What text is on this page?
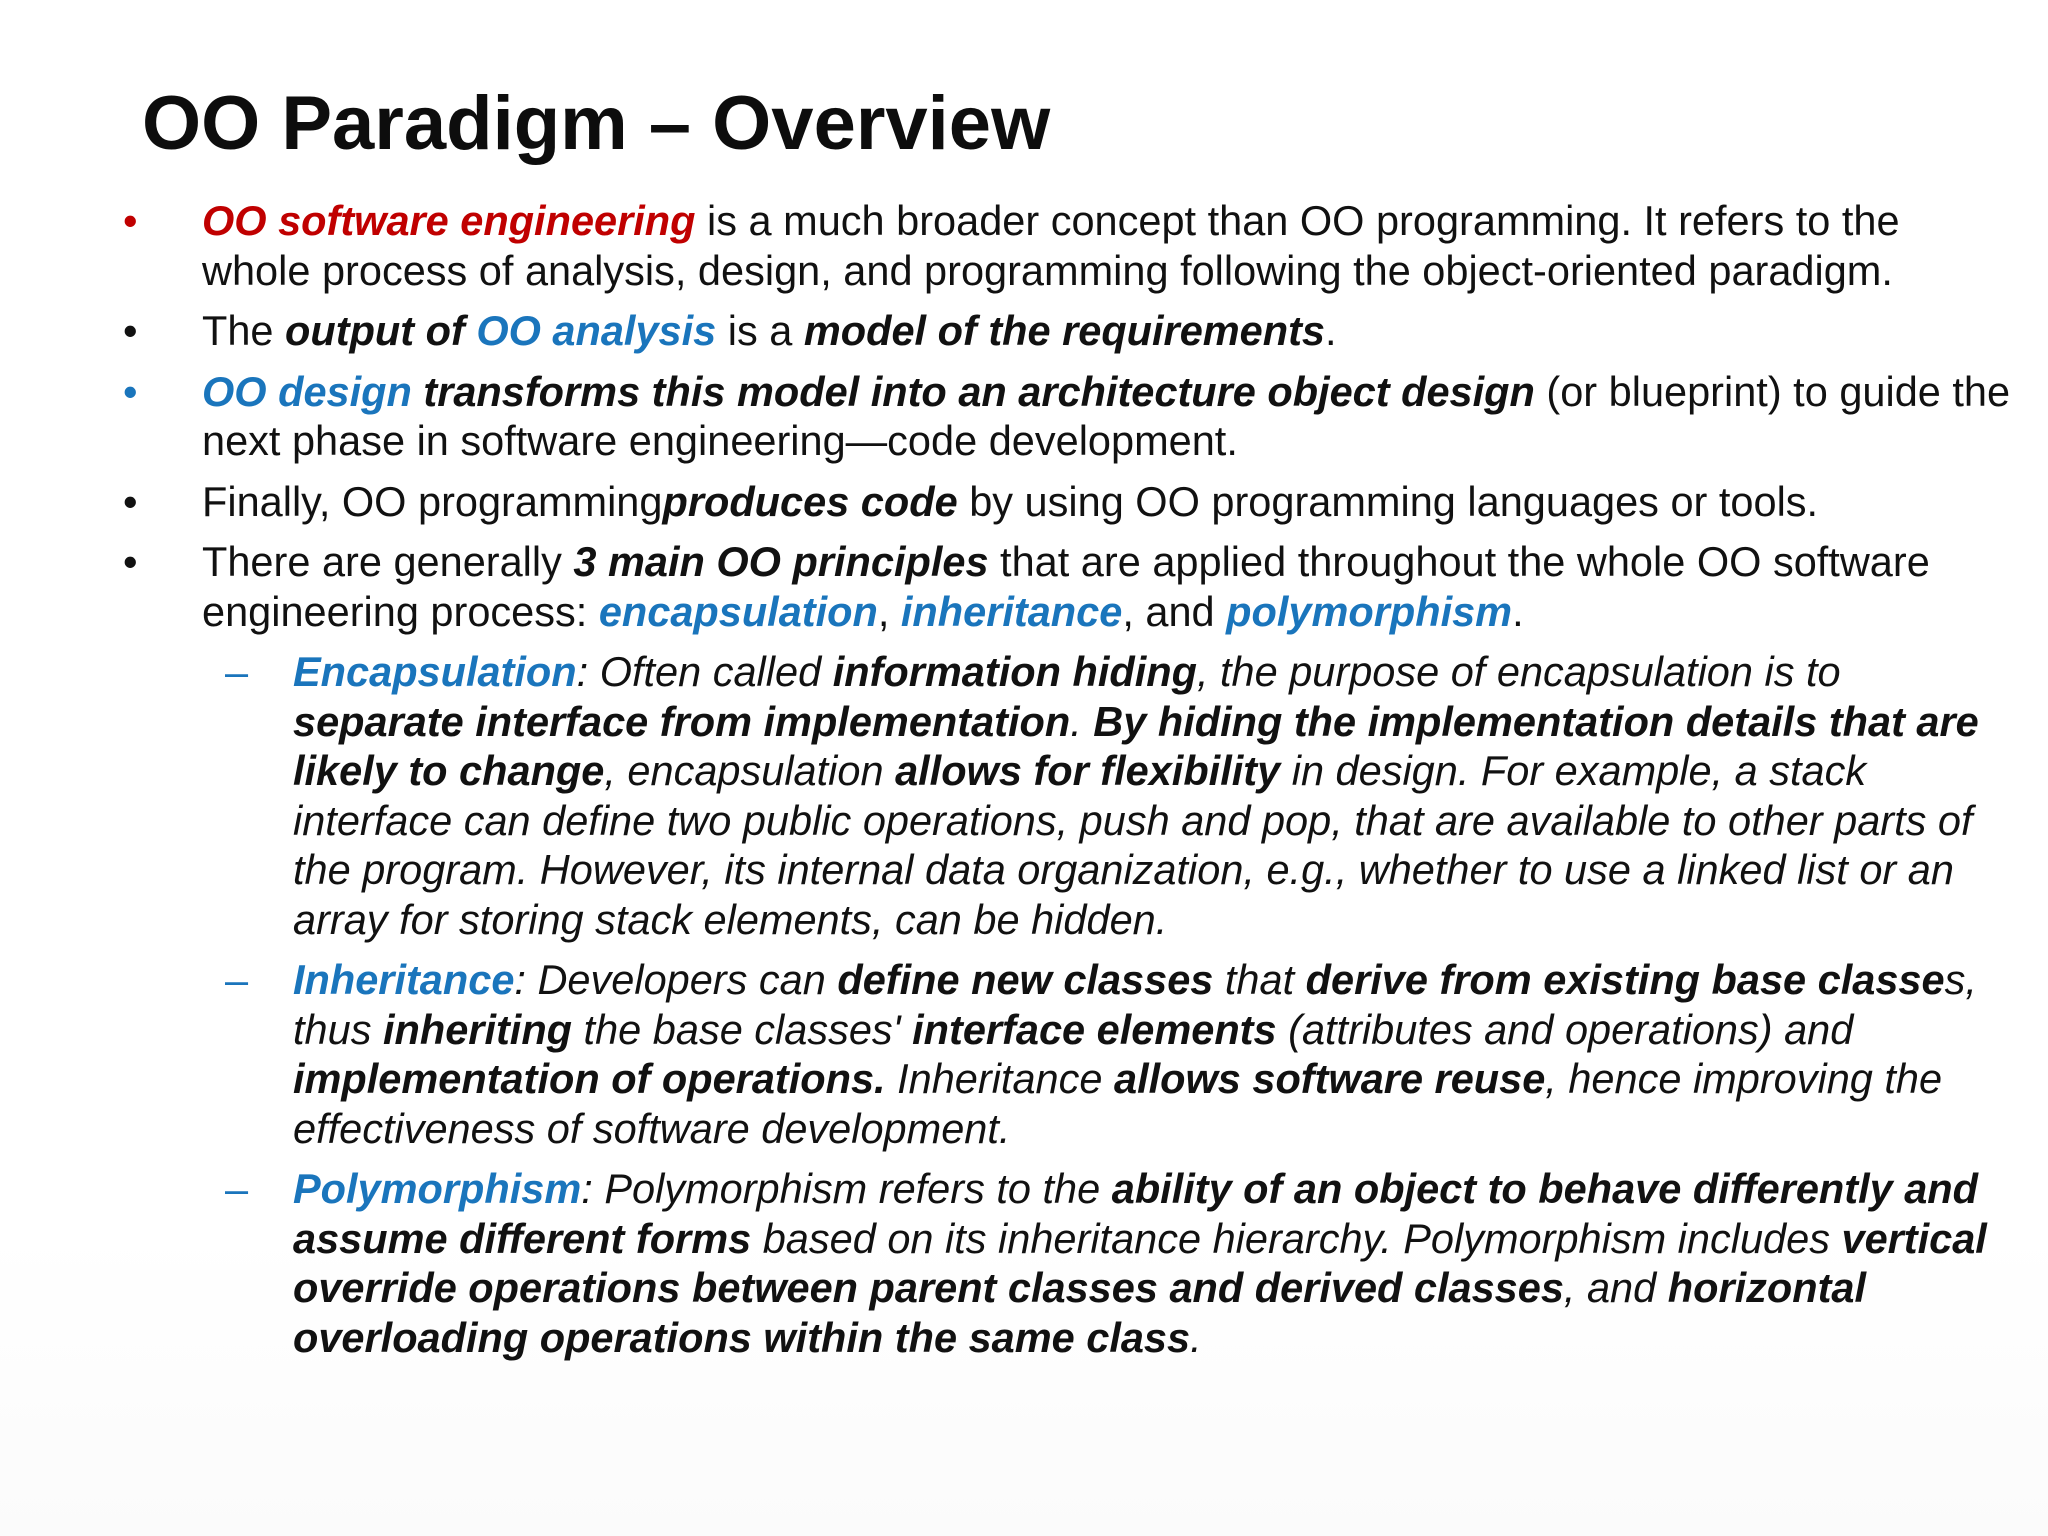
OO Paradigm – Overview
•	OO software engineering is a much broader concept than OO programming. It refers to the whole process of analysis, design, and programming following the object-oriented paradigm.
•	The output of OO analysis is a model of the requirements.
•	OO design transforms this model into an architecture object design (or blueprint) to guide the next phase in software engineering—code development.
•	Finally, OO programmingproduces code by using OO programming languages or tools.
•	There are generally 3 main OO principles that are applied throughout the whole OO software engineering process: encapsulation, inheritance, and polymorphism.
– Encapsulation: Often called information hiding, the purpose of encapsulation is to separate interface from implementation. By hiding the implementation details that are likely to change, encapsulation allows for flexibility in design. For example, a stack interface can define two public operations, push and pop, that are available to other parts of the program. However, its internal data organization, e.g., whether to use a linked list or an array for storing stack elements, can be hidden.
– Inheritance: Developers can define new classes that derive from existing base classes, thus inheriting the base classes' interface elements (attributes and operations) and implementation of operations. Inheritance allows software reuse, hence improving the effectiveness of software development.
– Polymorphism: Polymorphism refers to the ability of an object to behave differently and assume different forms based on its inheritance hierarchy. Polymorphism includes vertical override operations between parent classes and derived classes, and horizontal overloading operations within the same class.
